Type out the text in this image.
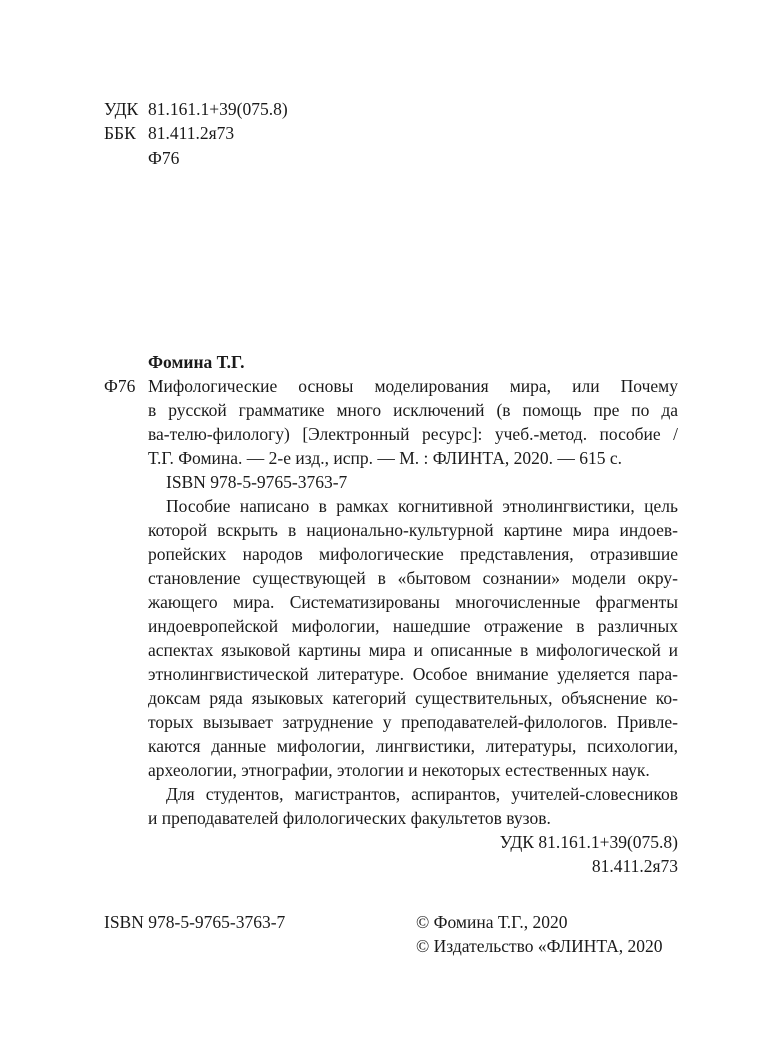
УДК 81.161.1+39(075.8)
ББК 81.411.2я73
Ф76
Фомина Т.Г.
Ф76 Мифологические основы моделирования мира, или Почему
в русской грамматике много исключений (в помощь пре по да
ва-телю-филологу) [Электронный ресурс]: учеб.-метод. пособие /
Т.Г. Фомина. — 2-е изд., испр. — М. : ФЛИНТА, 2020. — 615 с.
ISBN 978-5-9765-3763-7
Пособие написано в рамках когнитивной этнолингвистики, цель
которой вскрыть в национально-культурной картине мира индоев-
ропейских народов мифологические представления, отразившие
становление существующей в «бытовом сознании» модели окру-
жающего мира. Систематизированы многочисленные фрагменты
индоевропейской мифологии, нашедшие отражение в различных
аспектах языковой картины мира и описанные в мифологической и
этнолингвистической литературе. Особое внимание уделяется пара-
доксам ряда языковых категорий существительных, объяснение ко-
торых вызывает затруднение у преподавателей-филологов. Привле-
каются данные мифологии, лингвистики, литературы, психологии,
археологии, этнографии, этологии и некоторых естественных наук.
Для студентов, магистрантов, аспирантов, учителей-словесников
и преподавателей филологических факультетов вузов.
УДК 81.161.1+39(075.8)
81.411.2я73
ISBN 978-5-9765-3763-7	© Фомина Т.Г., 2020
© Издательство «ФЛИНТА, 2020
